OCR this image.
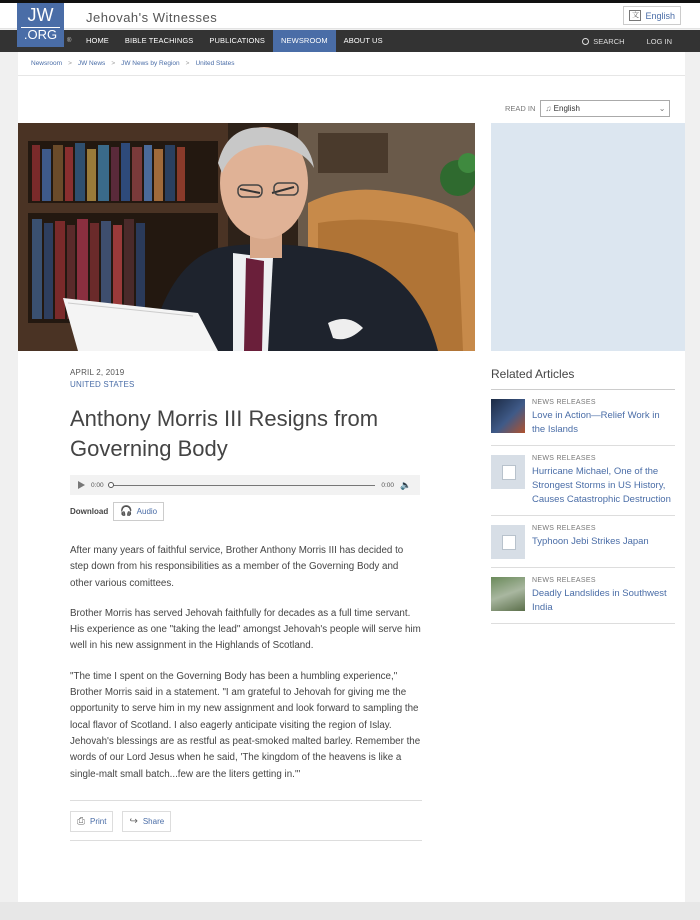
Jehovah's Witnesses	文 English
JW
.ORG	®	HOME	BIBLE TEACHINGS	PUBLICATIONS	NEWSROOM	ABOUT US	SEARCH	LOG IN
Newsroom > JW News > JW News by Region > United States
READ IN ♫ English	⌄
APRIL 2, 2019
UNITED STATES
Anthony Morris III Resigns from Governing Body
0:00	0:00 🔈
Download 🎧 Audio

After many years of faithful service, Brother Anthony Morris III has decided to step down from his responsibilities as a member of the Governing Body and other various comittees.

Brother Morris has served Jehovah faithfully for decades as a full time servant. His experience as one "taking the lead" amongst Jehovah's people will serve him well in his new assignment in the Highlands of Scotland.

"The time I spent on the Governing Body has been a humbling experience," Brother Morris said in a statement. "I am grateful to Jehovah for giving me the opportunity to serve him in my new assignment and look forward to sampling the local flavor of Scotland. I also eagerly anticipate visiting the region of Islay. Jehovah's blessings are as restful as peat-smoked malted barley. Remember the words of our Lord Jesus when he said, 'The kingdom of the heavens is like a single-malt small batch...few are the liters getting in.'"

⎙ Print ↪ Share
Related Articles
NEWS RELEASES
Love in Action—Relief Work in the Islands
NEWS RELEASES
Hurricane Michael, One of the Strongest Storms in US History, Causes Catastrophic Destruction
NEWS RELEASES
Typhoon Jebi Strikes Japan
NEWS RELEASES
Deadly Landslides in Southwest India
